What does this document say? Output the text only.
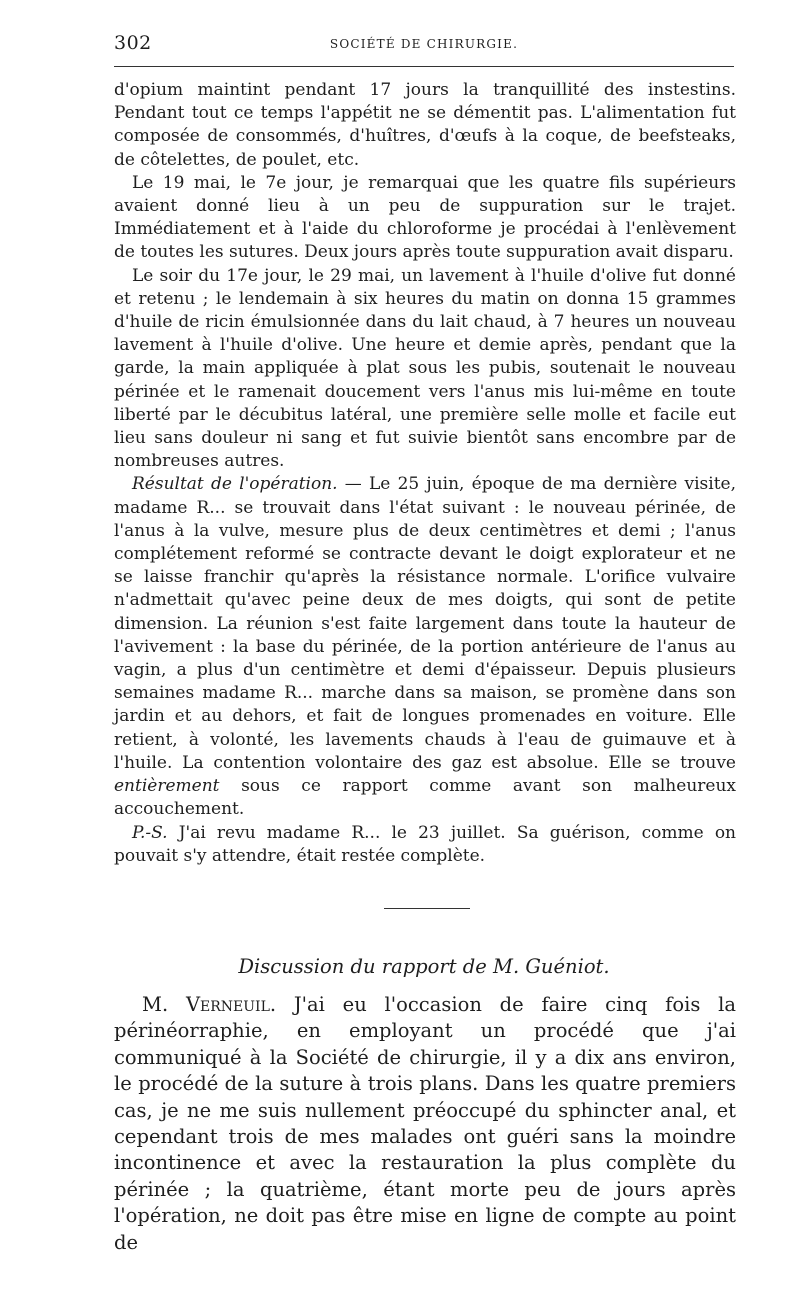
302	SOCIÉTÉ DE CHIRURGIE.

d'opium maintint pendant 17 jours la tranquillité des instestins. Pendant tout ce temps l'appétit ne se démentit pas. L'alimentation fut composée de consommés, d'huîtres, d'œufs à la coque, de beefsteaks, de côtelettes, de poulet, etc.

Le 19 mai, le 7e jour, je remarquai que les quatre fils supérieurs avaient donné lieu à un peu de suppuration sur le trajet. Immédiatement et à l'aide du chloroforme je procédai à l'enlèvement de toutes les sutures. Deux jours après toute suppuration avait disparu.

Le soir du 17e jour, le 29 mai, un lavement à l'huile d'olive fut donné et retenu ; le lendemain à six heures du matin on donna 15 grammes d'huile de ricin émulsionnée dans du lait chaud, à 7 heures un nouveau lavement à l'huile d'olive. Une heure et demie après, pendant que la garde, la main appliquée à plat sous les pubis, soutenait le nouveau périnée et le ramenait doucement vers l'anus mis lui-même en toute liberté par le décubitus latéral, une première selle molle et facile eut lieu sans douleur ni sang et fut suivie bientôt sans encombre par de nombreuses autres.

Résultat de l'opération. — Le 25 juin, époque de ma dernière visite, madame R... se trouvait dans l'état suivant : le nouveau périnée, de l'anus à la vulve, mesure plus de deux centimètres et demi ; l'anus complétement reformé se contracte devant le doigt explorateur et ne se laisse franchir qu'après la résistance normale. L'orifice vulvaire n'admettait qu'avec peine deux de mes doigts, qui sont de petite dimension. La réunion s'est faite largement dans toute la hauteur de l'avivement : la base du périnée, de la portion antérieure de l'anus au vagin, a plus d'un centimètre et demi d'épaisseur. Depuis plusieurs semaines madame R... marche dans sa maison, se promène dans son jardin et au dehors, et fait de longues promenades en voiture. Elle retient, à volonté, les lavements chauds à l'eau de guimauve et à l'huile. La contention volontaire des gaz est absolue. Elle se trouve entièrement sous ce rapport comme avant son malheureux accouchement.

P.-S. J'ai revu madame R... le 23 juillet. Sa guérison, comme on pouvait s'y attendre, était restée complète.

Discussion du rapport de M. Guéniot.

M. Verneuil. J'ai eu l'occasion de faire cinq fois la périnéorraphie, en employant un procédé que j'ai communiqué à la Société de chirurgie, il y a dix ans environ, le procédé de la suture à trois plans. Dans les quatre premiers cas, je ne me suis nullement préoccupé du sphincter anal, et cependant trois de mes malades ont guéri sans la moindre incontinence et avec la restauration la plus complète du périnée ; la quatrième, étant morte peu de jours après l'opération, ne doit pas être mise en ligne de compte au point de
